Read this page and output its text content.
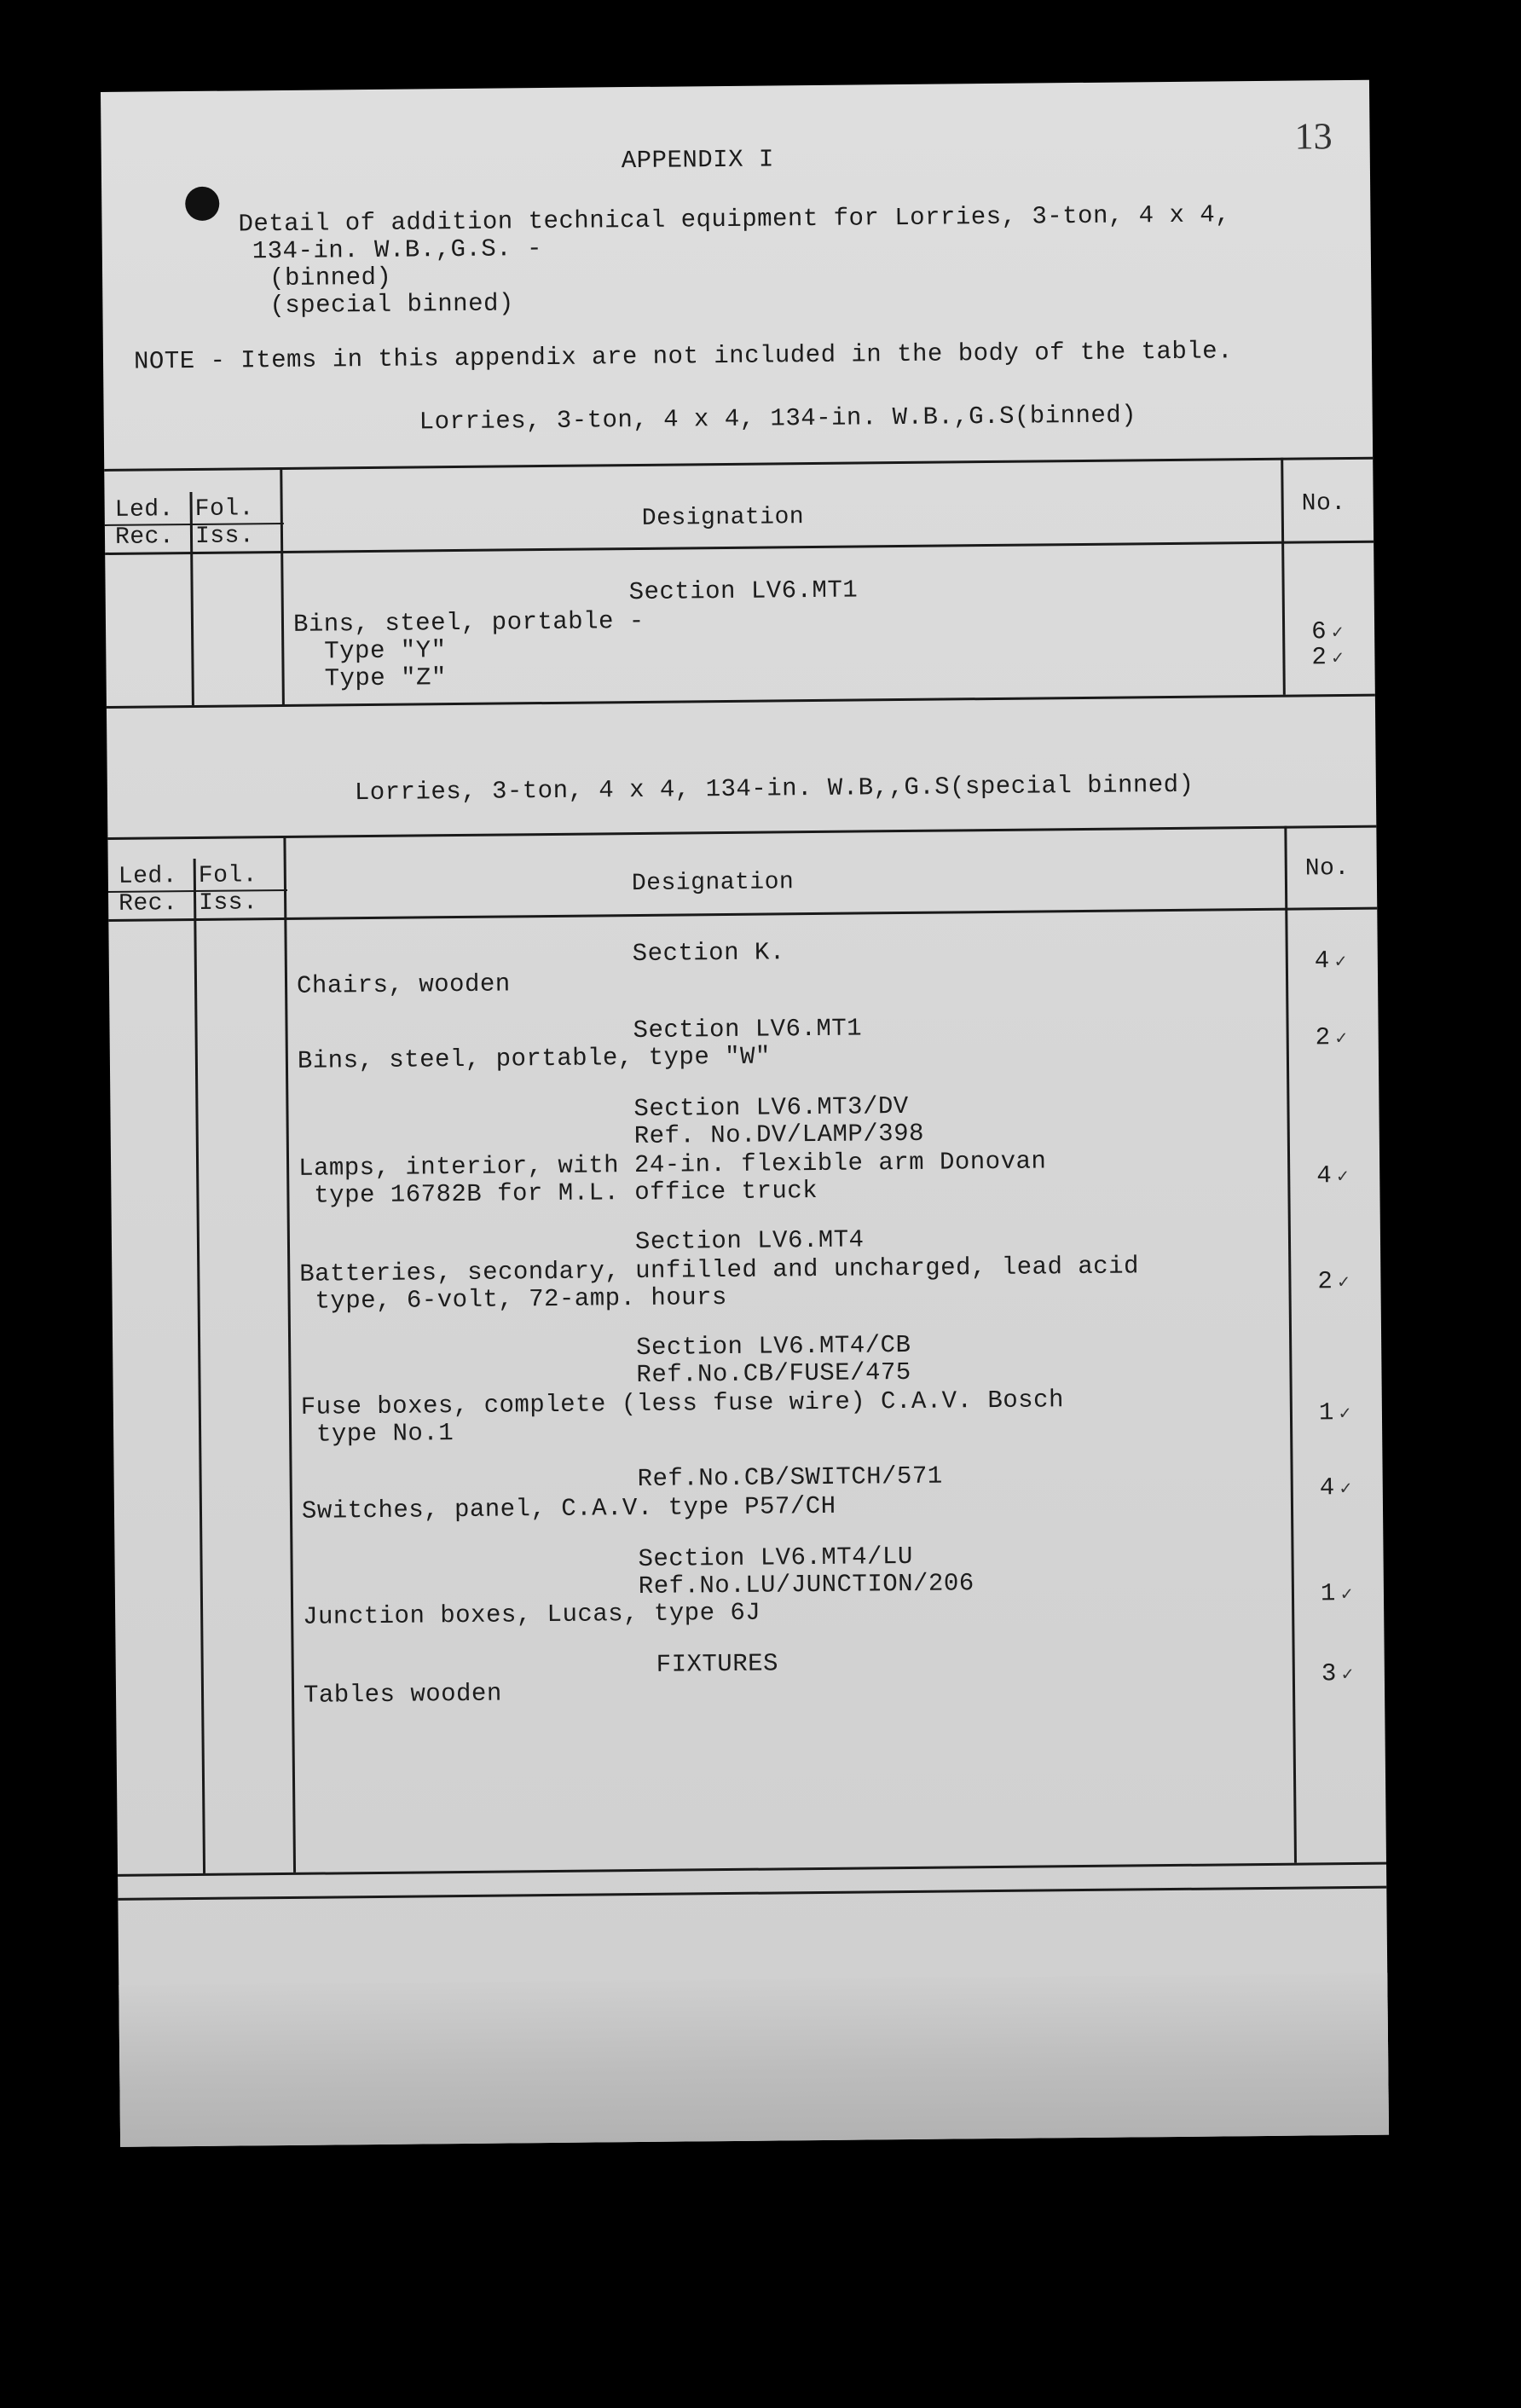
13
APPENDIX I
Detail of addition technical equipment for Lorries, 3-ton, 4 x 4,
134-in. W.B.,G.S. -
(binned)
(special binned)
NOTE - Items in this appendix are not included in the body of the table.
Lorries, 3-ton, 4 x 4, 134-in. W.B.,G.S(binned)
Led. Fol.
Rec. Iss.
Designation
No.
Section LV6.MT1
Bins, steel, portable -
Type "Y"
Type "Z"
6 ✓
2 ✓
Lorries, 3-ton, 4 x 4, 134-in. W.B,,G.S(special binned)
Led. Fol.
Rec. Iss.
Designation
No.
Section K.
Chairs, wooden
4 ✓
Section LV6.MT1
Bins, steel, portable, type "W"
2 ✓
Section LV6.MT3/DV
Ref. No.DV/LAMP/398
Lamps, interior, with 24-in. flexible arm Donovan
type 16782B for M.L. office truck
4 ✓
Section LV6.MT4
Batteries, secondary, unfilled and uncharged, lead acid
type, 6-volt, 72-amp. hours
2 ✓
Section LV6.MT4/CB
Ref.No.CB/FUSE/475
Fuse boxes, complete (less fuse wire) C.A.V. Bosch
type No.1
1 ✓
Ref.No.CB/SWITCH/571
Switches, panel, C.A.V. type P57/CH
4 ✓
Section LV6.MT4/LU
Ref.No.LU/JUNCTION/206
Junction boxes, Lucas, type 6J
1 ✓
FIXTURES
Tables wooden
3 ✓
